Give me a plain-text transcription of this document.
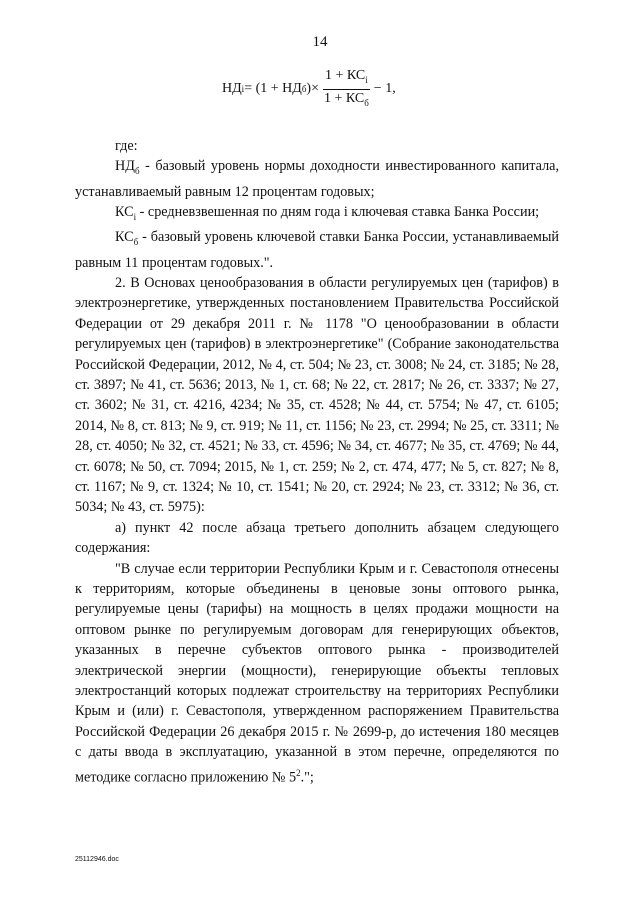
14
НД i = (1 + НД б )× $\frac{1 + КС_i}{1 + КС_б} - 1$,

где:

$НД_б$ - базовый уровень нормы доходности инвестированного капитала, устанавливаемый равным 12 процентам годовых;

$КС_i$ - средневзвешенная по дням года i ключевая ставка Банка России;

$КС_б$ - базовый уровень ключевой ставки Банка России, устанавливаемый равным 11 процентам годовых.".

2. В Основах ценообразования в области регулируемых цен (тарифов) в электроэнергетике, утвержденных постановлением Правительства Российской Федерации от 29 декабря 2011 г. № 1178 "О ценообразовании в области регулируемых цен (тарифов) в электроэнергетике" (Собрание законодательства Российской Федерации, 2012, № 4, ст. 504; № 23, ст. 3008; № 24, ст. 3185; № 28, ст. 3897; № 41, ст. 5636; 2013, № 1, ст. 68; № 22, ст. 2817; № 26, ст. 3337; № 27, ст. 3602; № 31, ст. 4216, 4234; № 35, ст. 4528; № 44, ст. 5754; № 47, ст. 6105; 2014, № 8, ст. 813; № 9, ст. 919; № 11, ст. 1156; № 23, ст. 2994; № 25, ст. 3311; № 28, ст. 4050; № 32, ст. 4521; № 33, ст. 4596; № 34, ст. 4677; № 35, ст. 4769; № 44, ст. 6078; № 50, ст. 7094; 2015, № 1, ст. 259; № 2, ст. 474, 477; № 5, ст. 827; № 8, ст. 1167; № 9, ст. 1324; № 10, ст. 1541; № 20, ст. 2924; № 23, ст. 3312; № 36, ст. 5034; № 43, ст. 5975):

а) пункт 42 после абзаца третьего дополнить абзацем следующего содержания:

"В случае если территории Республики Крым и г. Севастополя отнесены к территориям, которые объединены в ценовые зоны оптового рынка, регулируемые цены (тарифы) на мощность в целях продажи мощности на оптовом рынке по регулируемым договорам для генерирующих объектов, указанных в перечне субъектов оптового рынка - производителей электрической энергии (мощности), генерирующие объекты тепловых электростанций которых подлежат строительству на территориях Республики Крым и (или) г. Севастополя, утвержденном распоряжением Правительства Российской Федерации 26 декабря 2015 г. № 2699-р, до истечения 180 месяцев с даты ввода в эксплуатацию, указанной в этом перечне, определяются по методике согласно приложению № $5^2$.";

25112946.doc
